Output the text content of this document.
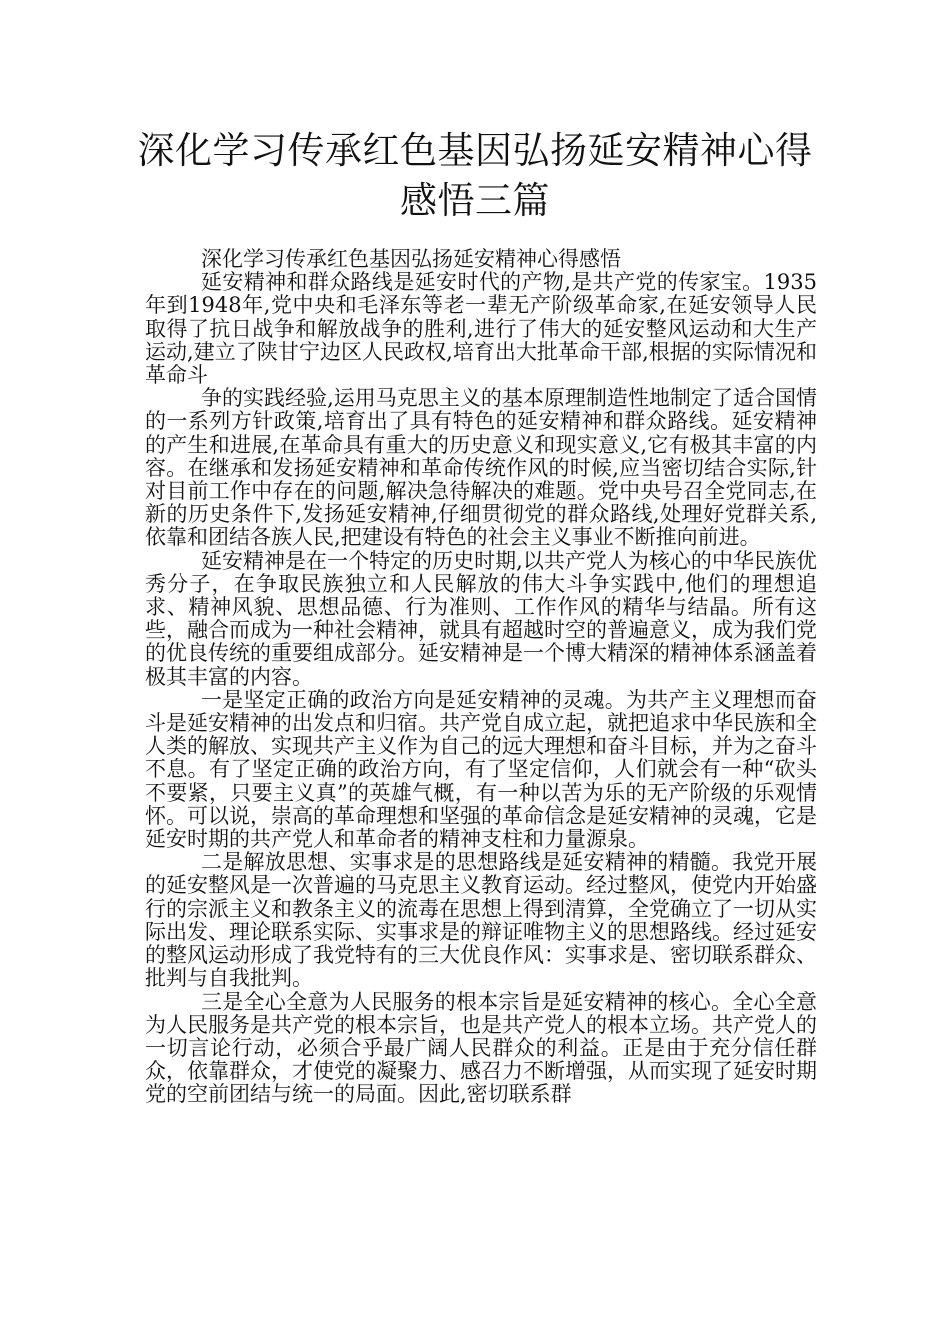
深化学习传承红色基因弘扬延安精神心得感悟三篇

深化学习传承红色基因弘扬延安精神心得感悟

延安精神和群众路线是延安时代的产物,是共产党的传家宝。1935年到1948年,党中央和毛泽东等老一辈无产阶级革命家,在延安领导人民取得了抗日战争和解放战争的胜利,进行了伟大的延安整风运动和大生产运动,建立了陕甘宁边区人民政权,培育出大批革命干部,根据的实际情况和革命斗

争的实践经验,运用马克思主义的基本原理制造性地制定了适合国情的一系列方针政策,培育出了具有特色的延安精神和群众路线。延安精神的产生和进展,在革命具有重大的历史意义和现实意义,它有极其丰富的内容。在继承和发扬延安精神和革命传统作风的时候,应当密切结合实际,针对目前工作中存在的问题,解决急待解决的难题。党中央号召全党同志,在新的历史条件下,发扬延安精神,仔细贯彻党的群众路线,处理好党群关系,依靠和团结各族人民,把建设有特色的社会主义事业不断推向前进。

延安精神是在一个特定的历史时期,以共产党人为核心的中华民族优秀分子，在争取民族独立和人民解放的伟大斗争实践中,他们的理想追求、精神风貌、思想品德、行为准则、工作作风的精华与结晶。所有这些，融合而成为一种社会精神，就具有超越时空的普遍意义，成为我们党的优良传统的重要组成部分。延安精神是一个博大精深的精神体系涵盖着极其丰富的内容。

一是坚定正确的政治方向是延安精神的灵魂。为共产主义理想而奋斗是延安精神的出发点和归宿。共产党自成立起，就把追求中华民族和全人类的解放、实现共产主义作为自己的远大理想和奋斗目标，并为之奋斗不息。有了坚定正确的政治方向，有了坚定信仰，人们就会有一种“砍头不要紧，只要主义真”的英雄气概，有一种以苦为乐的无产阶级的乐观情怀。可以说，崇高的革命理想和坚强的革命信念是延安精神的灵魂，它是延安时期的共产党人和革命者的精神支柱和力量源泉。

二是解放思想、实事求是的思想路线是延安精神的精髓。我党开展的延安整风是一次普遍的马克思主义教育运动。经过整风，使党内开始盛行的宗派主义和教条主义的流毒在思想上得到清算，全党确立了一切从实际出发、理论联系实际、实事求是的辩证唯物主义的思想路线。经过延安的整风运动形成了我党特有的三大优良作风：实事求是、密切联系群众、批判与自我批判。

三是全心全意为人民服务的根本宗旨是延安精神的核心。全心全意为人民服务是共产党的根本宗旨，也是共产党人的根本立场。共产党人的一切言论行动，必须合乎最广阔人民群众的利益。正是由于充分信任群众，依靠群众，才使党的凝聚力、感召力不断增强，从而实现了延安时期党的空前团结与统一的局面。因此,密切联系群
